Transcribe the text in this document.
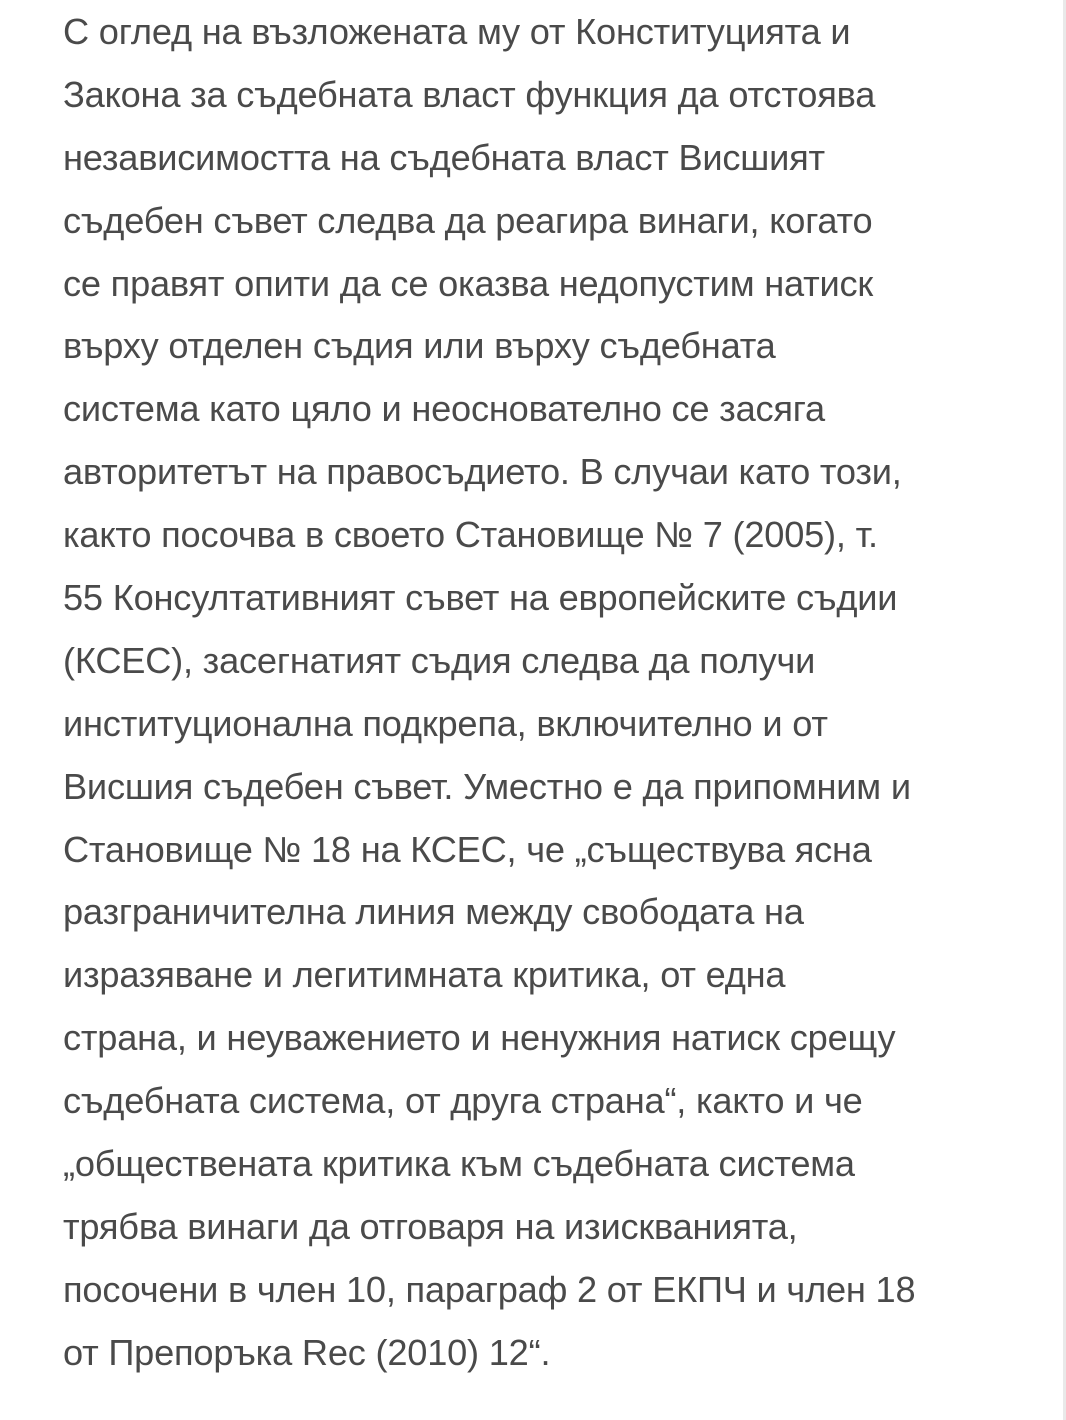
С оглед на възложената му от Конституцията и
Закона за съдебната власт функция да отстоява
независимостта на съдебната власт Висшият
съдебен съвет следва да реагира винаги, когато
се правят опити да се оказва недопустим натиск
върху отделен съдия или върху съдебната
система като цяло и неоснователно се засяга
авторитетът на правосъдието. В случаи като този,
както посочва в своето Становище № 7 (2005), т.
55 Консултативният съвет на европейските съдии
(КСЕС), засегнатият съдия следва да получи
институционална подкрепа, включително и от
Висшия съдебен съвет. Уместно е да припомним и
Становище № 18 на КСЕС, че „съществува ясна
разграничителна линия между свободата на
изразяване и легитимната критика, от една
страна, и неуважението и ненужния натиск срещу
съдебната система, от друга страна“, както и че
„обществената критика към съдебната система
трябва винаги да отговаря на изискванията,
посочени в член 10, параграф 2 от ЕКПЧ и член 18
от Препоръка Rec (2010) 12“.
